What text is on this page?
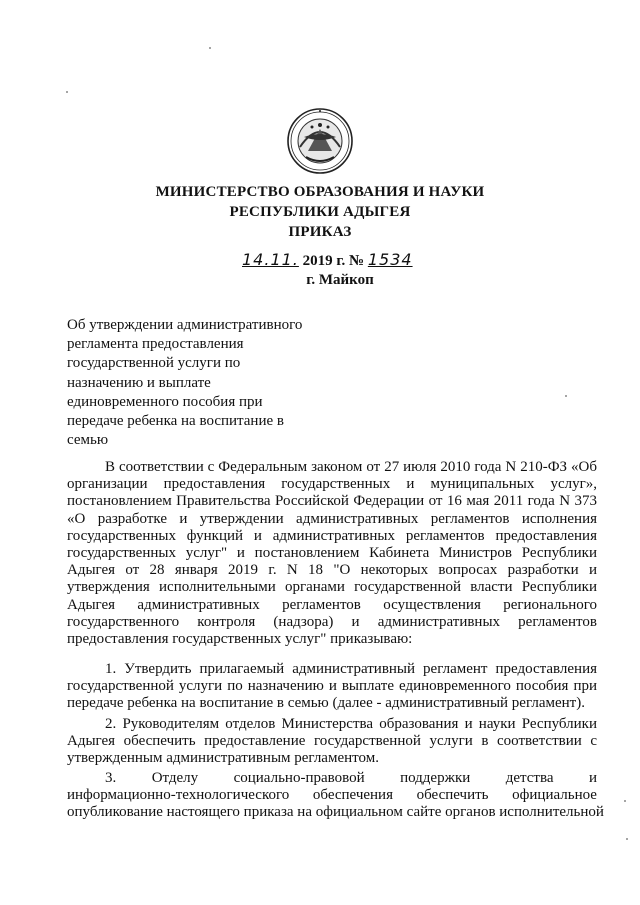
МИНИСТЕРСТВО ОБРАЗОВАНИЯ И НАУКИ
РЕСПУБЛИКИ АДЫГЕЯ
ПРИКАЗ
14.11. 2019 г. № 1534
г. Майкоп
Об утверждении административного
регламента предоставления
государственной услуги по
назначению и выплате
единовременного пособия при
передаче ребенка на воспитание в
семью

В соответствии с Федеральным законом от 27 июля 2010 года N 210-ФЗ «Об организации предоставления государственных и муниципальных услуг», постановлением Правительства Российской Федерации от 16 мая 2011 года N 373 «О разработке и утверждении административных регламентов исполнения государственных функций и административных регламентов предоставления государственных услуг" и постановлением Кабинета Министров Республики Адыгея от 28 января 2019 г. N 18 "О некоторых вопросах разработки и утверждения исполнительными органами государственной власти Республики Адыгея административных регламентов осуществления регионального государственного контроля (надзора) и административных регламентов предоставления государственных услуг" приказываю:

1. Утвердить прилагаемый административный регламент предоставления государственной услуги по назначению и выплате единовременного пособия при передаче ребенка на воспитание в семью (далее - административный регламент).

2. Руководителям отделов Министерства образования и науки Республики Адыгея обеспечить предоставление государственной услуги в соответствии с утвержденным административным регламентом.

3. Отделу социально-правовой поддержки детства и
информационно-технологического обеспечения обеспечить официальное
опубликование настоящего приказа на официальном сайте органов исполнительной
